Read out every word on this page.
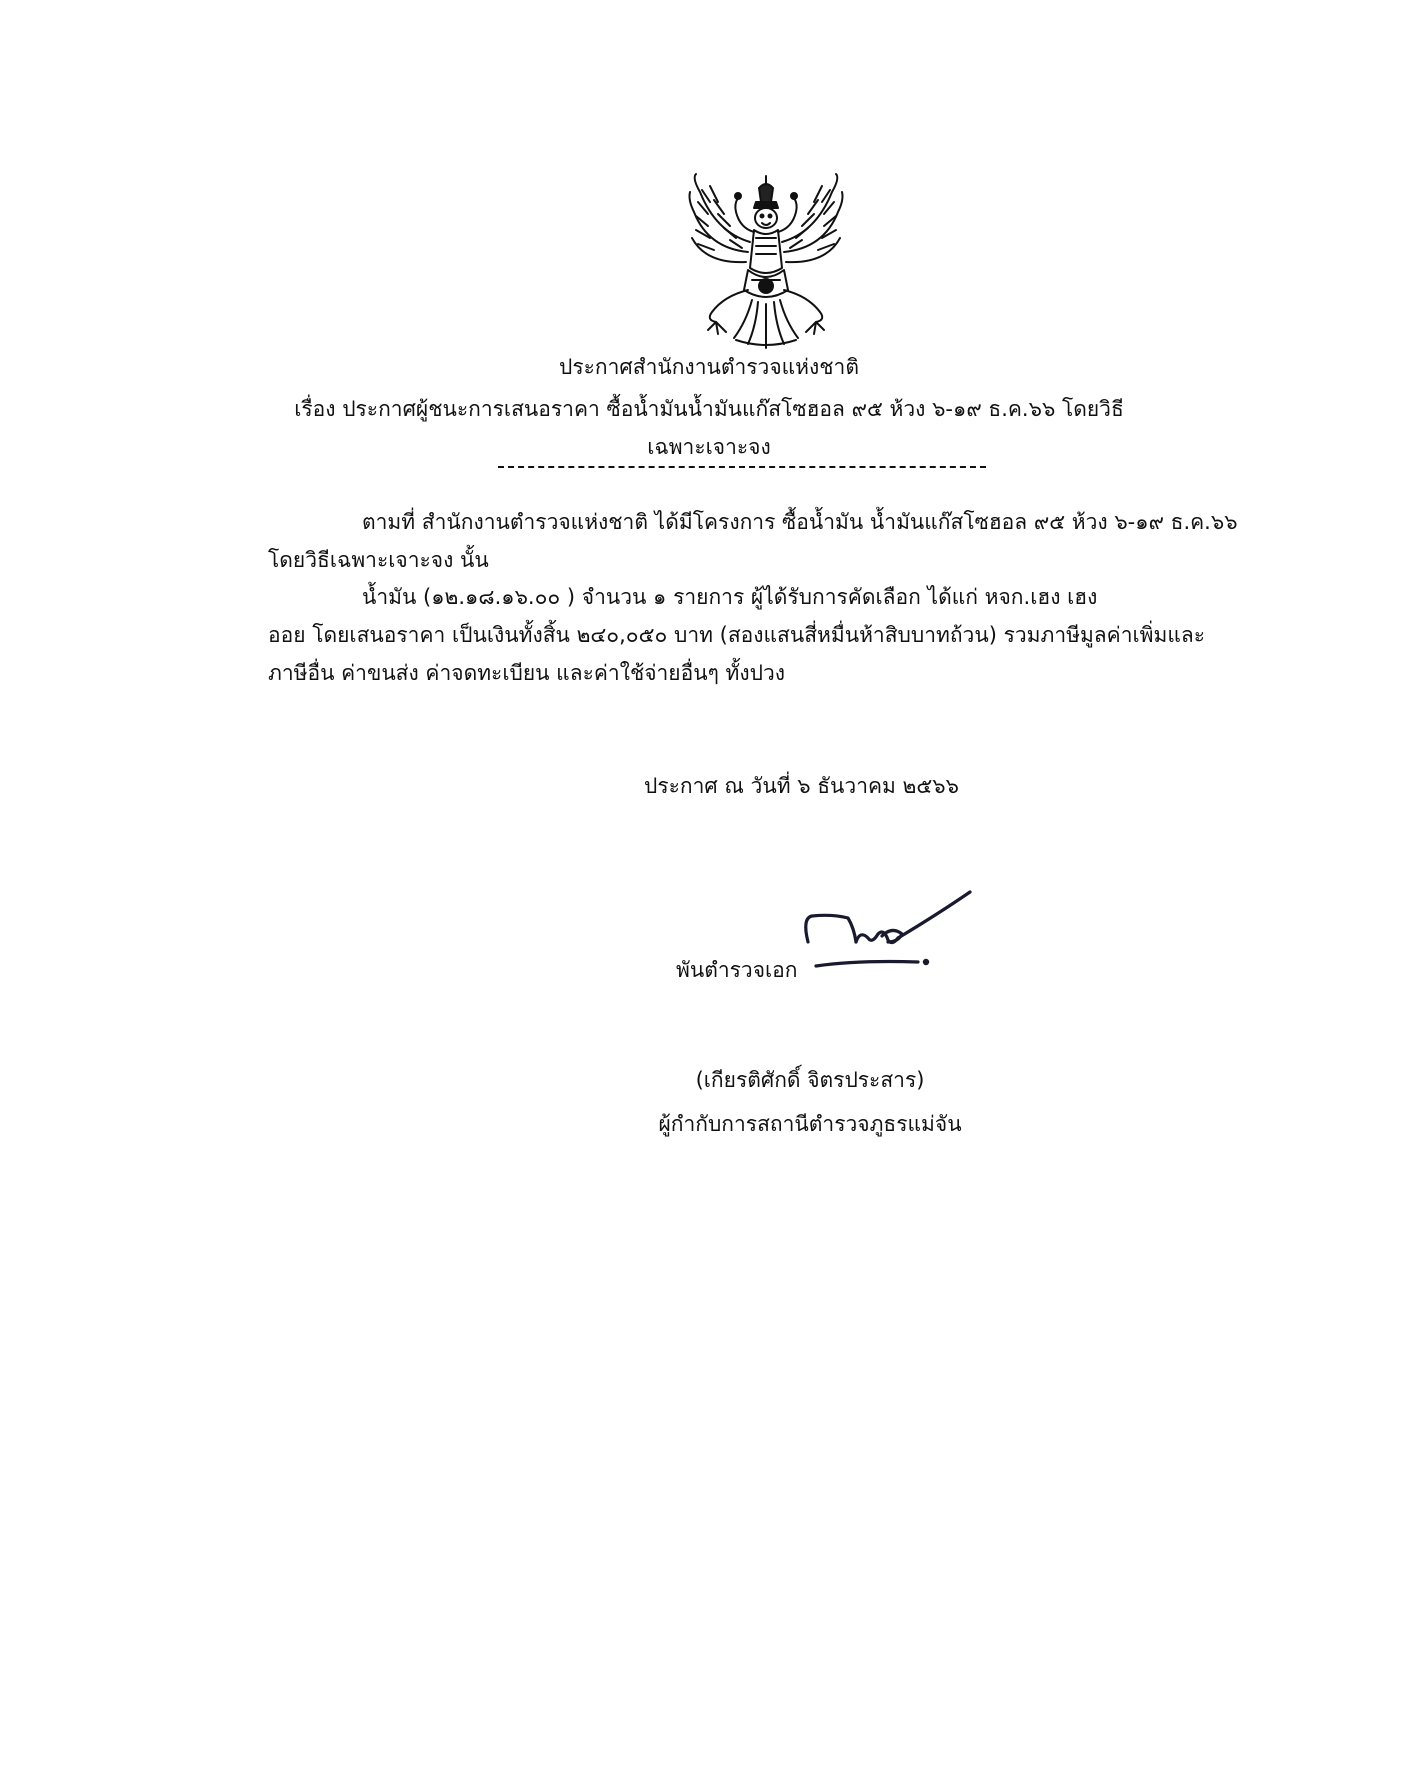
ประกาศสำนักงานตำรวจแห่งชาติ
เรื่อง ประกาศผู้ชนะการเสนอราคา ซื้อน้ำมันน้ำมันแก๊สโซฮอล ๙๕ ห้วง ๖-๑๙ ธ.ค.๖๖ โดยวิธี
เฉพาะเจาะจง
ตามที่ สำนักงานตำรวจแห่งชาติ ได้มีโครงการ ซื้อน้ำมัน น้ำมันแก๊สโซฮอล ๙๕ ห้วง ๖-๑๙ ธ.ค.๖๖
โดยวิธีเฉพาะเจาะจง นั้น
น้ำมัน (๑๒.๑๘.๑๖.๐๐ ) จำนวน ๑ รายการ ผู้ได้รับการคัดเลือก ได้แก่ หจก.เฮง เฮง
ออย โดยเสนอราคา เป็นเงินทั้งสิ้น ๒๔๐,๐๕๐ บาท (สองแสนสี่หมื่นห้าสิบบาทถ้วน) รวมภาษีมูลค่าเพิ่มและ
ภาษีอื่น ค่าขนส่ง ค่าจดทะเบียน และค่าใช้จ่ายอื่นๆ ทั้งปวง
ประกาศ ณ วันที่ ๖ ธันวาคม ๒๕๖๖
พันตำรวจเอก
(เกียรติศักดิ์ จิตรประสาร)
ผู้กำกับการสถานีตำรวจภูธรแม่จัน
